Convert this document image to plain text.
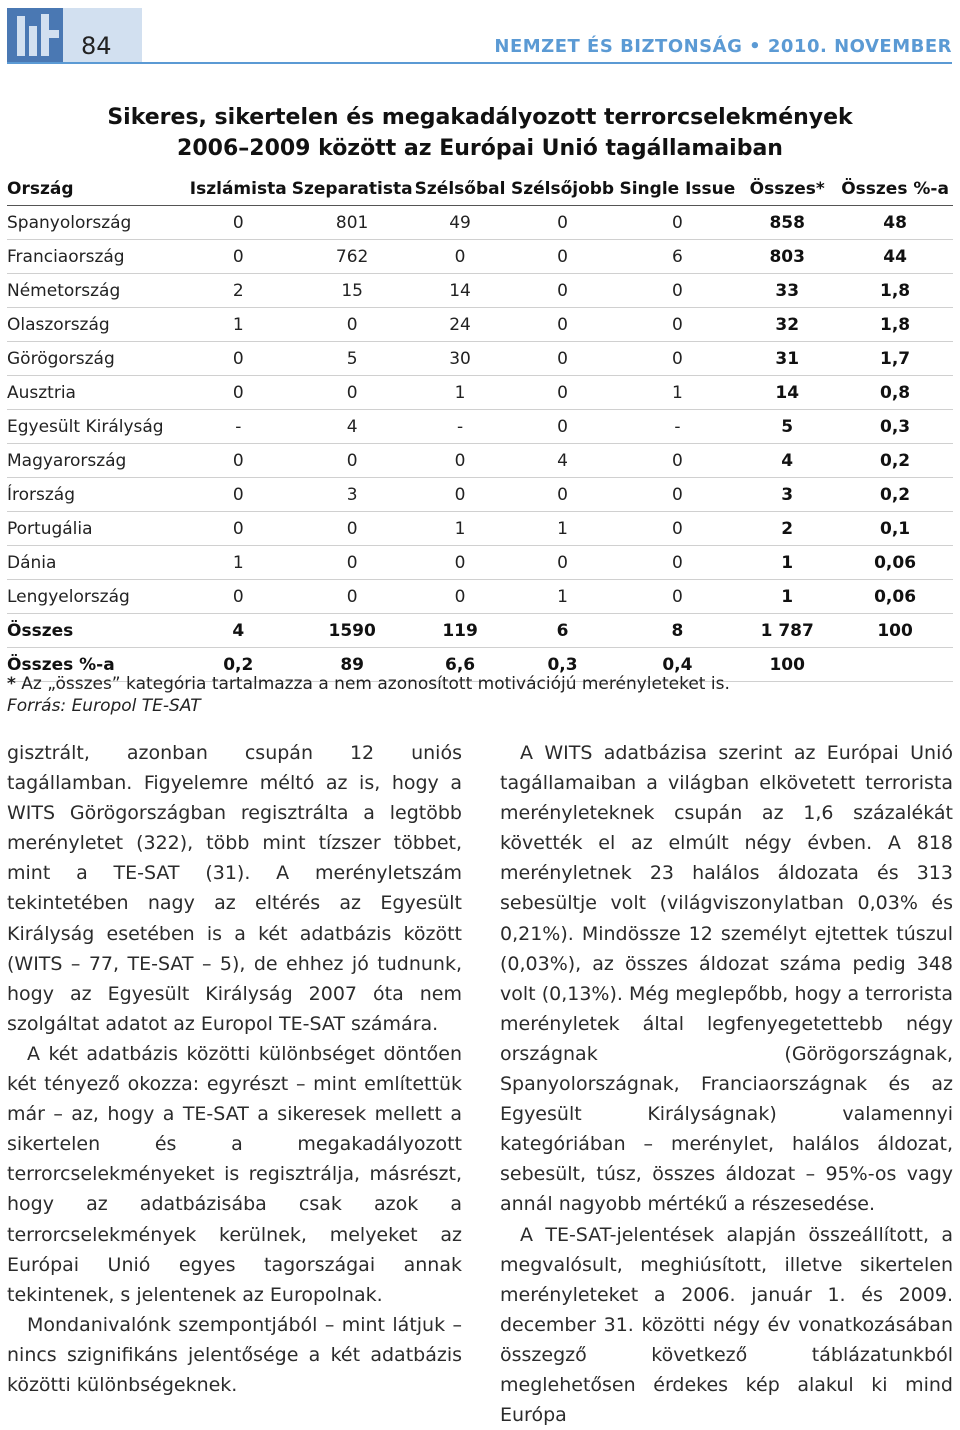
84	NEMZET ÉS BIZTONSÁG • 2010. NOVEMBER
Sikeres, sikertelen és megakadályozott terrorcselekmények
2006–2009 között az Európai Unió tagállamaiban
Ország	Iszlámista	Szeparatista	Szélsőbal	Szélsőjobb	Single Issue	Összes*	Összes %-a
Spanyolország	0	801	49	0	0	858	48
Franciaország	0	762	0	0	6	803	44
Németország	2	15	14	0	0	33	1,8
Olaszország	1	0	24	0	0	32	1,8
Görögország	0	5	30	0	0	31	1,7
Ausztria	0	0	1	0	1	14	0,8
Egyesült Királyság	-	4	-	0	-	5	0,3
Magyarország	0	0	0	4	0	4	0,2
Írország	0	3	0	0	0	3	0,2
Portugália	0	0	1	1	0	2	0,1
Dánia	1	0	0	0	0	1	0,06
Lengyelország	0	0	0	1	0	1	0,06
Összes	4	1590	119	6	8	1 787	100
Összes %-a	0,2	89	6,6	0,3	0,4	100	
* Az „összes” kategória tartalmazza a nem azonosított motivációjú merényleteket is.
Forrás: Europol TE-SAT

gisztrált, azonban csupán 12 uniós tagállamban. Figyelemre méltó az is, hogy a WITS Görögországban regisztrálta a legtöbb merényletet (322), több mint tízszer többet, mint a TE-SAT (31). A merényletszám tekintetében nagy az eltérés az Egyesült Királyság esetében is a két adatbázis között (WITS – 77, TE-SAT – 5), de ehhez jó tudnunk, hogy az Egyesült Királyság 2007 óta nem szolgáltat adatot az Europol TE-SAT számára.

A két adatbázis közötti különbséget döntően két tényező okozza: egyrészt – mint említettük már – az, hogy a TE-SAT a sikeresek mellett a sikertelen és a megakadályozott terrorcselekményeket is regisztrálja, másrészt, hogy az adatbázisába csak azok a terrorcselekmények kerülnek, melyeket az Európai Unió egyes tagországai annak tekintenek, s jelentenek az Europolnak.

Mondanivalónk szempontjából – mint látjuk – nincs szignifikáns jelentősége a két adatbázis közötti különbségeknek.

A WITS adatbázisa szerint az Európai Unió tagállamaiban a világban elkövetett terrorista merényleteknek csupán az 1,6 százalékát követték el az elmúlt négy évben. A 818 merényletnek 23 halálos áldozata és 313 sebesültje volt (világviszonylatban 0,03% és 0,21%). Mindössze 12 személyt ejtettek túszul (0,03%), az összes áldozat száma pedig 348 volt (0,13%). Még meglepőbb, hogy a terrorista merényletek által legfenyegetettebb négy országnak (Görögországnak, Spanyolországnak, Franciaországnak és az Egyesült Királyságnak) valamennyi kategóriában – merénylet, halálos áldozat, sebesült, túsz, összes áldozat – 95%-os vagy annál nagyobb mértékű a részesedése.

A TE-SAT-jelentések alapján összeállított, a megvalósult, meghiúsított, illetve sikertelen merényleteket a 2006. január 1. és 2009. december 31. közötti négy év vonatkozásában összegző következő táblázatunkból meglehetősen érdekes kép alakul ki mind Európa
